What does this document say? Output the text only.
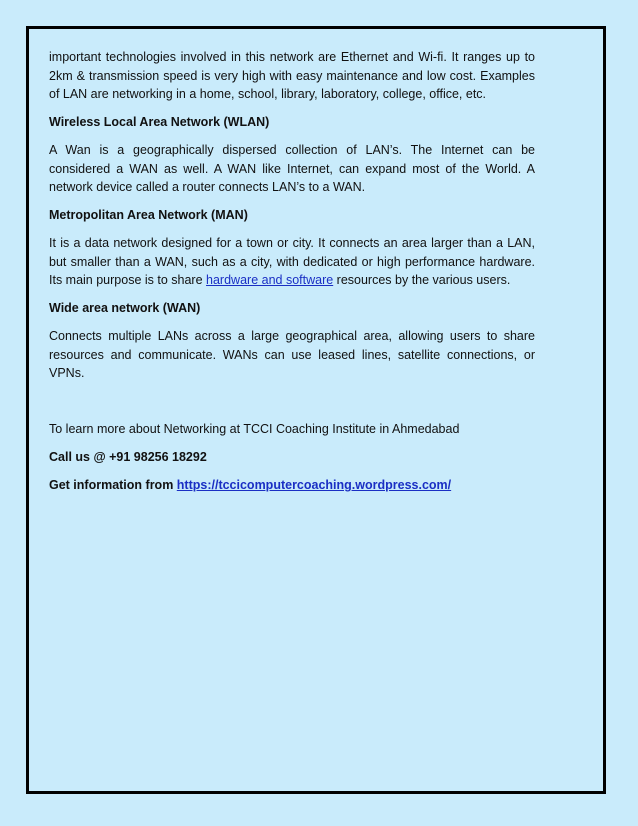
important technologies involved in this network are Ethernet and Wi-fi. It ranges up to 2km & transmission speed is very high with easy maintenance and low cost. Examples of LAN are networking in a home, school, library, laboratory, college, office, etc.

Wireless Local Area Network (WLAN)

A Wan is a geographically dispersed collection of LAN’s. The Internet can be considered a WAN as well. A WAN like Internet, can expand most of the World. A network device called a router connects LAN’s to a WAN.

Metropolitan Area Network (MAN)

It is a data network designed for a town or city. It connects an area larger than a LAN, but smaller than a WAN, such as a city, with dedicated or high performance hardware. Its main purpose is to share hardware and software resources by the various users.

Wide area network (WAN)

Connects multiple LANs across a large geographical area, allowing users to share resources and communicate. WANs can use leased lines, satellite connections, or VPNs.

To learn more about Networking at TCCI Coaching Institute in Ahmedabad

Call us @ +91 98256 18292

Get information from https://tccicomputercoaching.wordpress.com/
